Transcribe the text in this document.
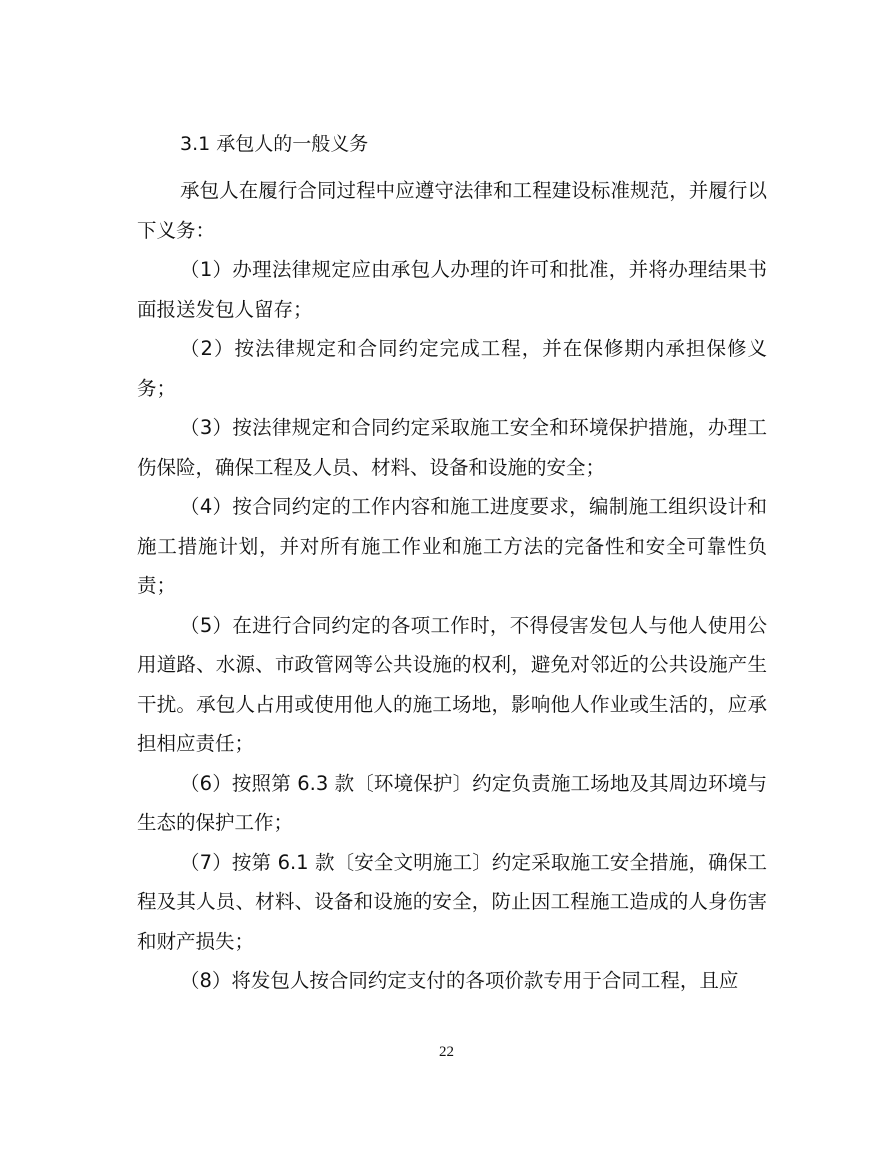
3.1 承包人的一般义务

承包人在履行合同过程中应遵守法律和工程建设标准规范，并履行以下义务：

（1）办理法律规定应由承包人办理的许可和批准，并将办理结果书面报送发包人留存；

（2）按法律规定和合同约定完成工程，并在保修期内承担保修义务；

（3）按法律规定和合同约定采取施工安全和环境保护措施，办理工伤保险，确保工程及人员、材料、设备和设施的安全；

（4）按合同约定的工作内容和施工进度要求，编制施工组织设计和施工措施计划，并对所有施工作业和施工方法的完备性和安全可靠性负责；

（5）在进行合同约定的各项工作时，不得侵害发包人与他人使用公用道路、水源、市政管网等公共设施的权利，避免对邻近的公共设施产生干扰。承包人占用或使用他人的施工场地，影响他人作业或生活的，应承担相应责任；

（6）按照第 6.3 款〔环境保护〕约定负责施工场地及其周边环境与生态的保护工作；

（7）按第 6.1 款〔安全文明施工〕约定采取施工安全措施，确保工程及其人员、材料、设备和设施的安全，防止因工程施工造成的人身伤害和财产损失；

（8）将发包人按合同约定支付的各项价款专用于合同工程，且应

22
